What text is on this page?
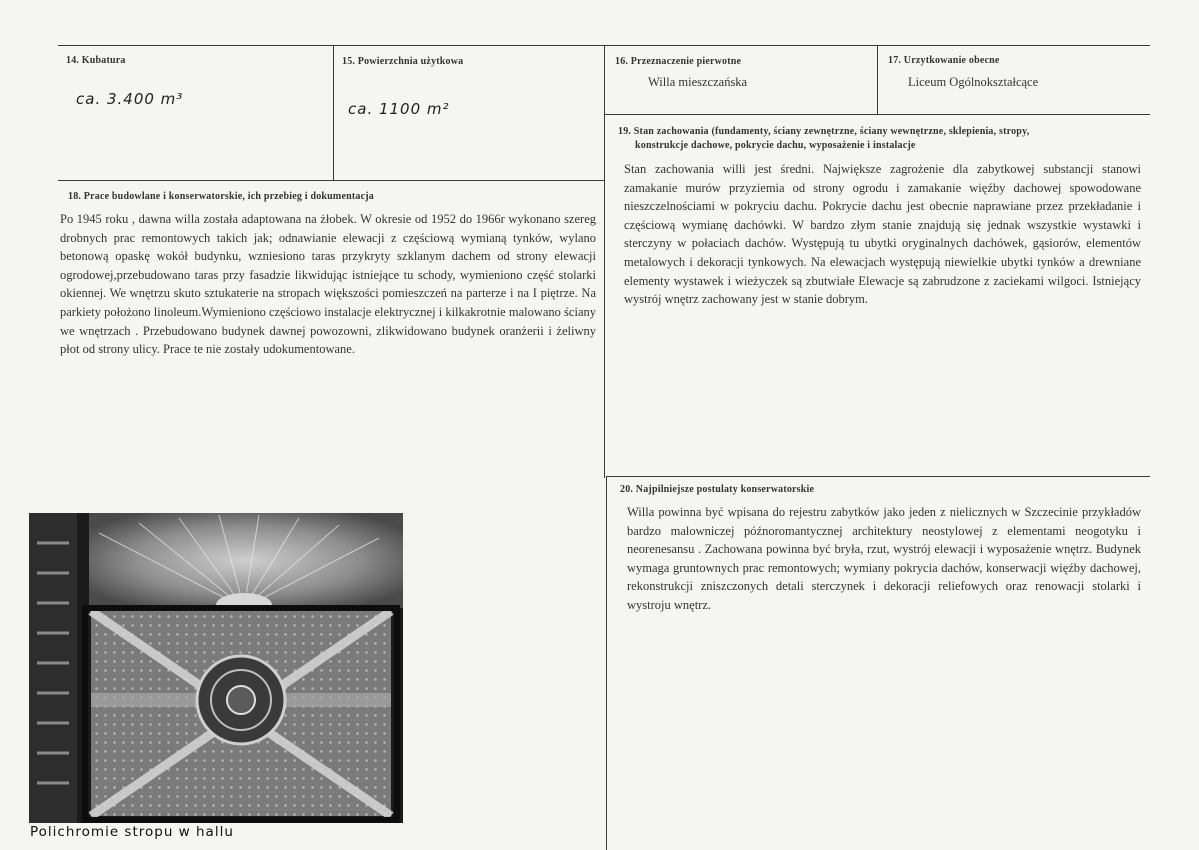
14. Kubatura
ca. 3.400 m³
15. Powierzchnia użytkowa
ca. 1100 m²
16. Przeznaczenie pierwotne
Willa mieszczańska
17. Urzytkowanie obecne
Liceum Ogólnokształcące
18. Prace budowlane i konserwatorskie, ich przebieg i dokumentacja
Po 1945 roku , dawna willa została adaptowana na żłobek. W okresie od 1952 do 1966r wykonano szereg drobnych prac remontowych takich jak; odnawianie elewacji z częściową wymianą tynków, wylano betonową opaskę wokół budynku, wzniesiono taras przykryty szklanym dachem od strony elewacji ogrodowej,przebudowano taras przy fasadzie likwidując istniejące tu schody, wymieniono część stolarki okiennej. We wnętrzu skuto sztukaterie na stropach większości pomieszczeń na parterze i na I piętrze. Na parkiety położono linoleum.Wymieniono częściowo instalacje elektrycznej i kilkakrotnie malowano ściany we wnętrzach . Przebudowano budynek dawnej powozowni, zlikwidowano budynek oranżerii i żeliwny płot od strony ulicy. Prace te nie zostały udokumentowane.
19. Stan zachowania (fundamenty, ściany zewnętrzne, ściany wewnętrzne, sklepienia, stropy,
konstrukcje dachowe, pokrycie dachu, wyposażenie i instalacje
Stan zachowania willi jest średni. Największe zagrożenie dla zabytkowej substancji stanowi zamakanie murów przyziemia od strony ogrodu i zamakanie więźby dachowej spowodowane nieszczelnościami w pokryciu dachu. Pokrycie dachu jest obecnie naprawiane przez przekładanie i częściową wymianę dachówki. W bardzo złym stanie znajdują się jednak wszystkie wystawki i sterczyny w połaciach dachów. Występują tu ubytki oryginalnych dachówek, gąsiorów, elementów metalowych i dekoracji tynkowych. Na elewacjach występują niewielkie ubytki tynków a drewniane elementy wystawek i wieżyczek są zbutwiałe Elewacje są zabrudzone z zaciekami wilgoci. Istniejący wystrój wnętrz zachowany jest w stanie dobrym.
20. Najpilniejsze postulaty konserwatorskie
Willa powinna być wpisana do rejestru zabytków jako jeden z nielicznych w Szczecinie przykładów bardzo malowniczej późnoromantycznej architektury neostylowej z elementami neogotyku i neorenesansu . Zachowana powinna być bryła, rzut, wystrój elewacji i wyposażenie wnętrz. Budynek wymaga gruntownych prac remontowych; wymiany pokrycia dachów, konserwacji więźby dachowej, rekonstrukcji zniszczonych detali sterczynek i dekoracji reliefowych oraz renowacji stolarki i wystroju wnętrz.
Polichromie stropu w hallu
